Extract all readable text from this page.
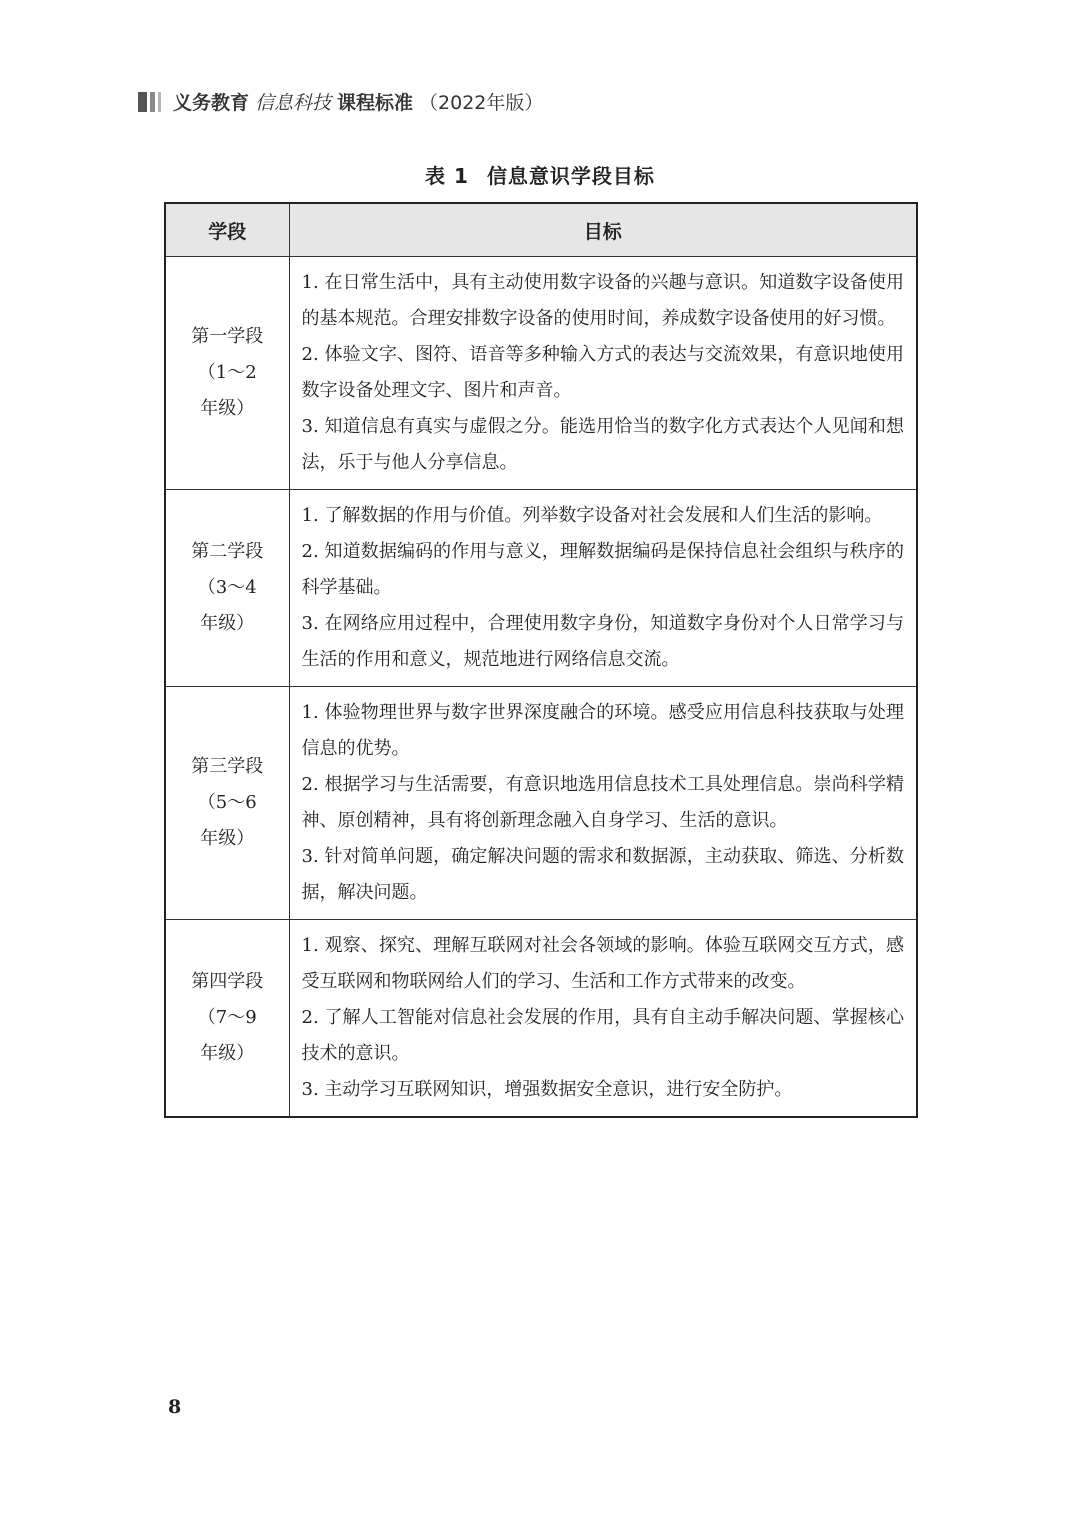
义务教育 信息科技 课程标准 （2022年版）
表 1 信息意识学段目标
学段	目标

第一学段
（1～2
年级）	1. 在日常生活中，具有主动使用数字设备的兴趣与意识。知道数字设备使用的基本规范。合理安排数字设备的使用时间，养成数字设备使用的好习惯。
2. 体验文字、图符、语音等多种输入方式的表达与交流效果，有意识地使用数字设备处理文字、图片和声音。
3. 知道信息有真实与虚假之分。能选用恰当的数字化方式表达个人见闻和想法，乐于与他人分享信息。

第二学段
（3～4
年级）	1. 了解数据的作用与价值。列举数字设备对社会发展和人们生活的影响。
2. 知道数据编码的作用与意义，理解数据编码是保持信息社会组织与秩序的科学基础。
3. 在网络应用过程中，合理使用数字身份，知道数字身份对个人日常学习与生活的作用和意义，规范地进行网络信息交流。

第三学段
（5～6
年级）	1. 体验物理世界与数字世界深度融合的环境。感受应用信息科技获取与处理信息的优势。
2. 根据学习与生活需要，有意识地选用信息技术工具处理信息。崇尚科学精神、原创精神，具有将创新理念融入自身学习、生活的意识。
3. 针对简单问题，确定解决问题的需求和数据源，主动获取、筛选、分析数据，解决问题。

第四学段
（7～9
年级）	1. 观察、探究、理解互联网对社会各领域的影响。体验互联网交互方式，感受互联网和物联网给人们的学习、生活和工作方式带来的改变。
2. 了解人工智能对信息社会发展的作用，具有自主动手解决问题、掌握核心技术的意识。
3. 主动学习互联网知识，增强数据安全意识，进行安全防护。
8
